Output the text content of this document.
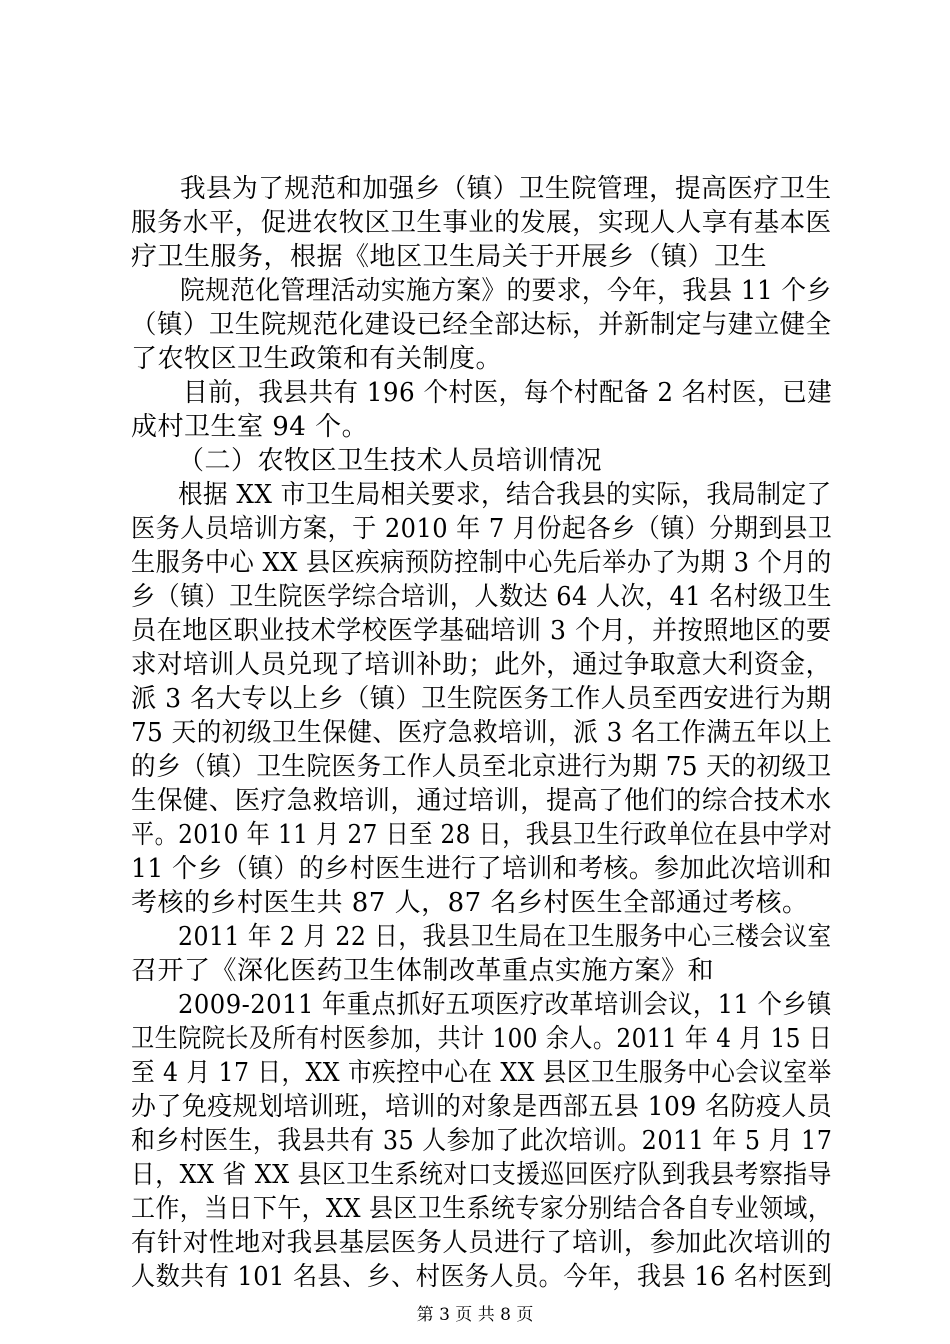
我县为了规范和加强乡（镇）卫生院管理，提高医疗卫生
服务水平，促进农牧区卫生事业的发展，实现人人享有基本医
疗卫生服务，根据《地区卫生局关于开展乡（镇）卫生
院规范化管理活动实施方案》的要求，今年，我县 11 个乡
（镇）卫生院规范化建设已经全部达标，并新制定与建立健全
了农牧区卫生政策和有关制度。
目前，我县共有 196 个村医，每个村配备 2 名村医，已建
成村卫生室 94 个。
（二）农牧区卫生技术人员培训情况
根据 XX 市卫生局相关要求，结合我县的实际，我局制定了
医务人员培训方案，于 2010 年 7 月份起各乡（镇）分期到县卫
生服务中心 XX 县区疾病预防控制中心先后举办了为期 3 个月的
乡（镇）卫生院医学综合培训，人数达 64 人次，41 名村级卫生
员在地区职业技术学校医学基础培训 3 个月，并按照地区的要
求对培训人员兑现了培训补助；此外，通过争取意大利资金，
派 3 名大专以上乡（镇）卫生院医务工作人员至西安进行为期
75 天的初级卫生保健、医疗急救培训，派 3 名工作满五年以上
的乡（镇）卫生院医务工作人员至北京进行为期 75 天的初级卫
生保健、医疗急救培训，通过培训，提高了他们的综合技术水
平。2010 年 11 月 27 日至 28 日，我县卫生行政单位在县中学对
11 个乡（镇）的乡村医生进行了培训和考核。参加此次培训和
考核的乡村医生共 87 人，87 名乡村医生全部通过考核。
2011 年 2 月 22 日，我县卫生局在卫生服务中心三楼会议室
召开了《深化医药卫生体制改革重点实施方案》和
2009-2011 年重点抓好五项医疗改革培训会议，11 个乡镇
卫生院院长及所有村医参加，共计 100 余人。2011 年 4 月 15 日
至 4 月 17 日，XX 市疾控中心在 XX 县区卫生服务中心会议室举
办了免疫规划培训班，培训的对象是西部五县 109 名防疫人员
和乡村医生，我县共有 35 人参加了此次培训。2011 年 5 月 17
日，XX 省 XX 县区卫生系统对口支援巡回医疗队到我县考察指导
工作，当日下午，XX 县区卫生系统专家分别结合各自专业领域，
有针对性地对我县基层医务人员进行了培训，参加此次培训的
人数共有 101 名县、乡、村医务人员。今年，我县 16 名村医到
第 3 页 共 8 页
